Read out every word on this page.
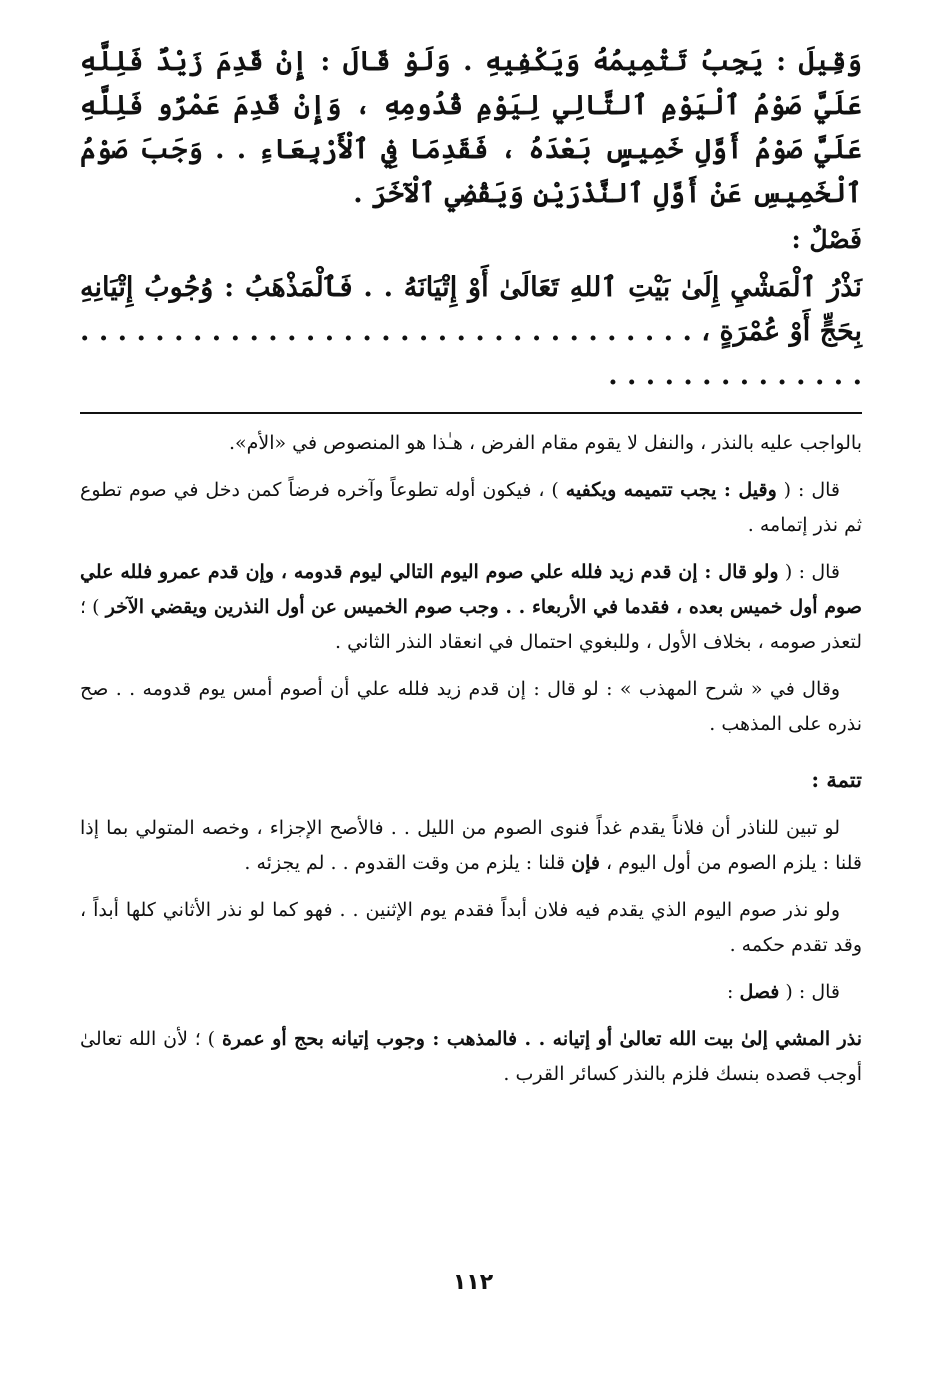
وَقِيلَ : يَجِبُ تَتْمِيمُهُ وَيَكْفِيهِ . وَلَوْ قَالَ : إِنْ قَدِمَ زَيْدٌ فَلِلَّهِ عَلَيَّ صَوْمُ ٱلْيَوْمِ ٱلتَّالِي لِيَوْمِ قُدُومِهِ ، وَإِنْ قَدِمَ عَمْرٌو فَلِلَّهِ عَلَيَّ صَوْمُ أَوَّلِ خَمِيسٍ بَعْدَهُ ، فَقَدِمَا فِي ٱلْأَرْبِعَاءِ . . وَجَبَ صَوْمُ ٱلْخَمِيسِ عَنْ أَوَّلِ ٱلنَّذْرَيْنِ وَيَقْضِي ٱلْآخَرَ .

فَصْلٌ :

نَذْرُ ٱلْمَشْيِ إِلَىٰ بَيْتِ ٱللهِ تَعَالَىٰ أَوْ إِتْيَانَهُ . . فَٱلْمَذْهَبُ : وُجُوبُ إِتْيَانِهِ بِحَجٍّ أَوْ عُمْرَةٍ ، . . . . . . . . . . . . . . . . . . . . . . . . . . . . . . . . . . . . . . . . . . . . . . .

بالواجب عليه بالنذر ، والنفل لا يقوم مقام الفرض ، هـٰذا هو المنصوص في «الأم».

قال : ( وقيل : يجب تتميمه ويكفيه ) ، فيكون أوله تطوعاً وآخره فرضاً كمن دخل في صوم تطوع ثم نذر إتمامه .

قال : ( ولو قال : إن قدم زيد فلله علي صوم اليوم التالي ليوم قدومه ، وإن قدم عمرو فلله علي صوم أول خميس بعده ، فقدما في الأربعاء . . وجب صوم الخميس عن أول النذرين ويقضي الآخر ) ؛ لتعذر صومه ، بخلاف الأول ، وللبغوي احتمال في انعقاد النذر الثاني .

وقال في « شرح المهذب » : لو قال : إن قدم زيد فلله علي أن أصوم أمس يوم قدومه . . صح نذره على المذهب .

تتمة :

لو تبين للناذر أن فلاناً يقدم غداً فنوى الصوم من الليل . . فالأصح الإجزاء ، وخصه المتولي بما إذا قلنا : يلزم الصوم من أول اليوم ، فإن قلنا : يلزم من وقت القدوم . . لم يجزئه .

ولو نذر صوم اليوم الذي يقدم فيه فلان أبداً فقدم يوم الإثنين . . فهو كما لو نذر الأثاني كلها أبداً ، وقد تقدم حكمه .

قال : ( فصل :

نذر المشي إلىٰ بيت الله تعالىٰ أو إتيانه . . فالمذهب : وجوب إتيانه بحج أو عمرة ) ؛ لأن الله تعالىٰ أوجب قصده بنسك فلزم بالنذر كسائر القرب .

١١٢
